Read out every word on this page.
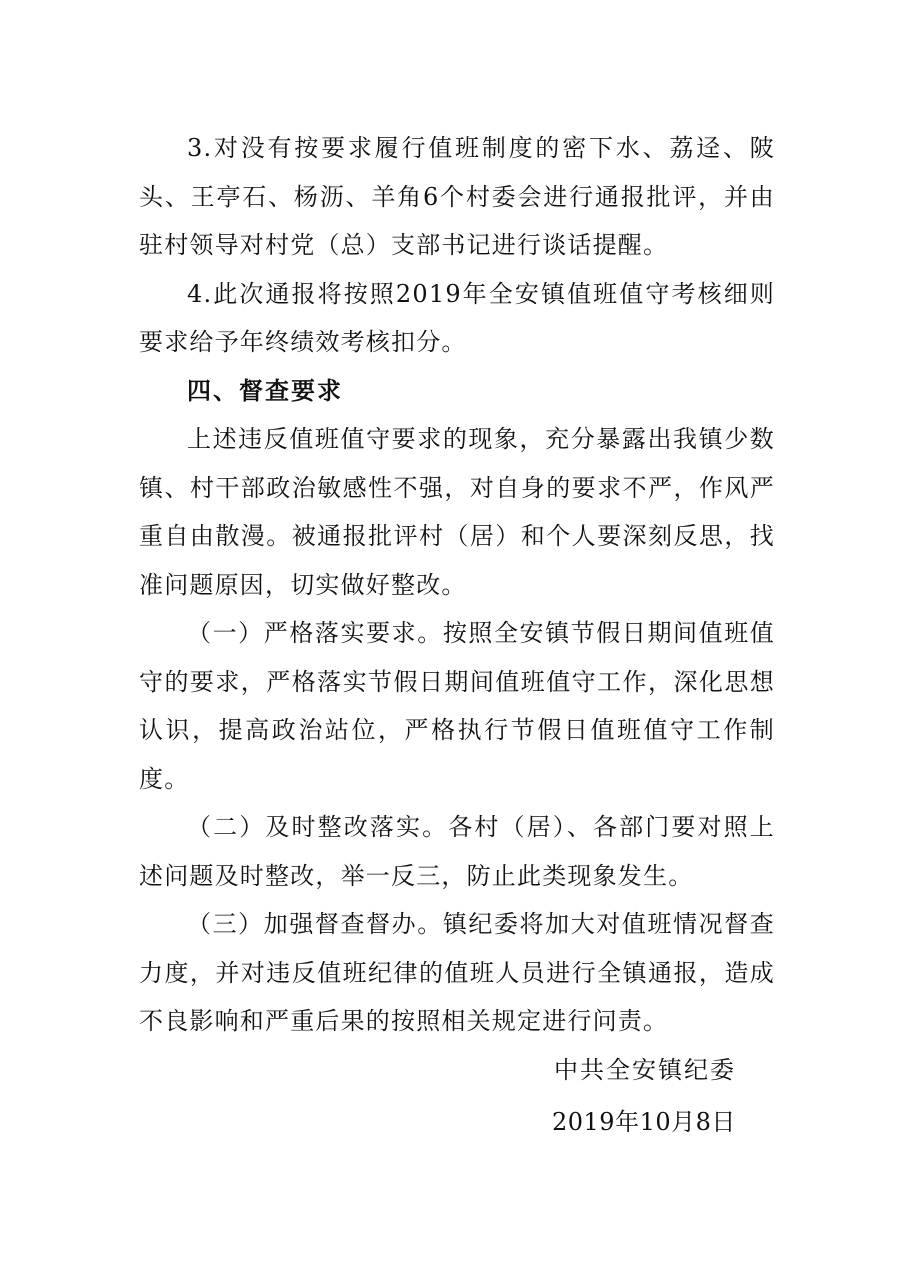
3.对没有按要求履行值班制度的密下水、荔迳、陂头、王亭石、杨沥、羊角6个村委会进行通报批评，并由驻村领导对村党（总）支部书记进行谈话提醒。

4.此次通报将按照2019年全安镇值班值守考核细则要求给予年终绩效考核扣分。

四、督查要求

上述违反值班值守要求的现象，充分暴露出我镇少数镇、村干部政治敏感性不强，对自身的要求不严，作风严重自由散漫。被通报批评村（居）和个人要深刻反思，找准问题原因，切实做好整改。

（一）严格落实要求。按照全安镇节假日期间值班值守的要求，严格落实节假日期间值班值守工作，深化思想认识，提高政治站位，严格执行节假日值班值守工作制度。

（二）及时整改落实。各村（居）、各部门要对照上述问题及时整改，举一反三，防止此类现象发生。

（三）加强督查督办。镇纪委将加大对值班情况督查力度，并对违反值班纪律的值班人员进行全镇通报，造成不良影响和严重后果的按照相关规定进行问责。

中共全安镇纪委

2019年10月8日
